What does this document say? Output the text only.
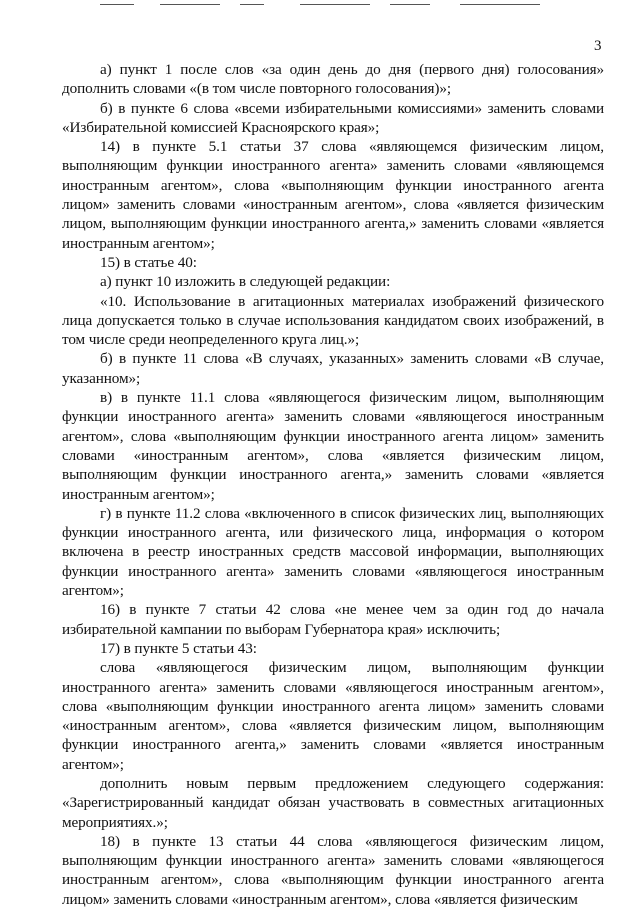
3

а) пункт 1 после слов «за один день до дня (первого дня) голосования» дополнить словами «(в том числе повторного голосования)»;

б) в пункте 6 слова «всеми избирательными комиссиями» заменить словами «Избирательной комиссией Красноярского края»;

14) в пункте 5.1 статьи 37 слова «являющемся физическим лицом, выполняющим функции иностранного агента» заменить словами «являющемся иностранным агентом», слова «выполняющим функции иностранного агента лицом» заменить словами «иностранным агентом», слова «является физическим лицом, выполняющим функции иностранного агента,» заменить словами «является иностранным агентом»;

15) в статье 40:

а) пункт 10 изложить в следующей редакции:

«10. Использование в агитационных материалах изображений физического лица допускается только в случае использования кандидатом своих изображений, в том числе среди неопределенного круга лиц.»;

б) в пункте 11 слова «В случаях, указанных» заменить словами «В случае, указанном»;

в) в пункте 11.1 слова «являющегося физическим лицом, выполняющим функции иностранного агента» заменить словами «являющегося иностранным агентом», слова «выполняющим функции иностранного агента лицом» заменить словами «иностранным агентом», слова «является физическим лицом, выполняющим функции иностранного агента,» заменить словами «является иностранным агентом»;

г) в пункте 11.2 слова «включенного в список физических лиц, выполняющих функции иностранного агента, или физического лица, информация о котором включена в реестр иностранных средств массовой информации, выполняющих функции иностранного агента» заменить словами «являющегося иностранным агентом»;

16) в пункте 7 статьи 42 слова «не менее чем за один год до начала избирательной кампании по выборам Губернатора края» исключить;

17) в пункте 5 статьи 43:

слова «являющегося физическим лицом, выполняющим функции иностранного агента» заменить словами «являющегося иностранным агентом», слова «выполняющим функции иностранного агента лицом» заменить словами «иностранным агентом», слова «является физическим лицом, выполняющим функции иностранного агента,» заменить словами «является иностранным агентом»;

дополнить новым первым предложением следующего содержания: «Зарегистрированный кандидат обязан участвовать в совместных агитационных мероприятиях.»;

18) в пункте 13 статьи 44 слова «являющегося физическим лицом, выполняющим функции иностранного агента» заменить словами «являющегося иностранным агентом», слова «выполняющим функции иностранного агента лицом» заменить словами «иностранным агентом», слова «является физическим
